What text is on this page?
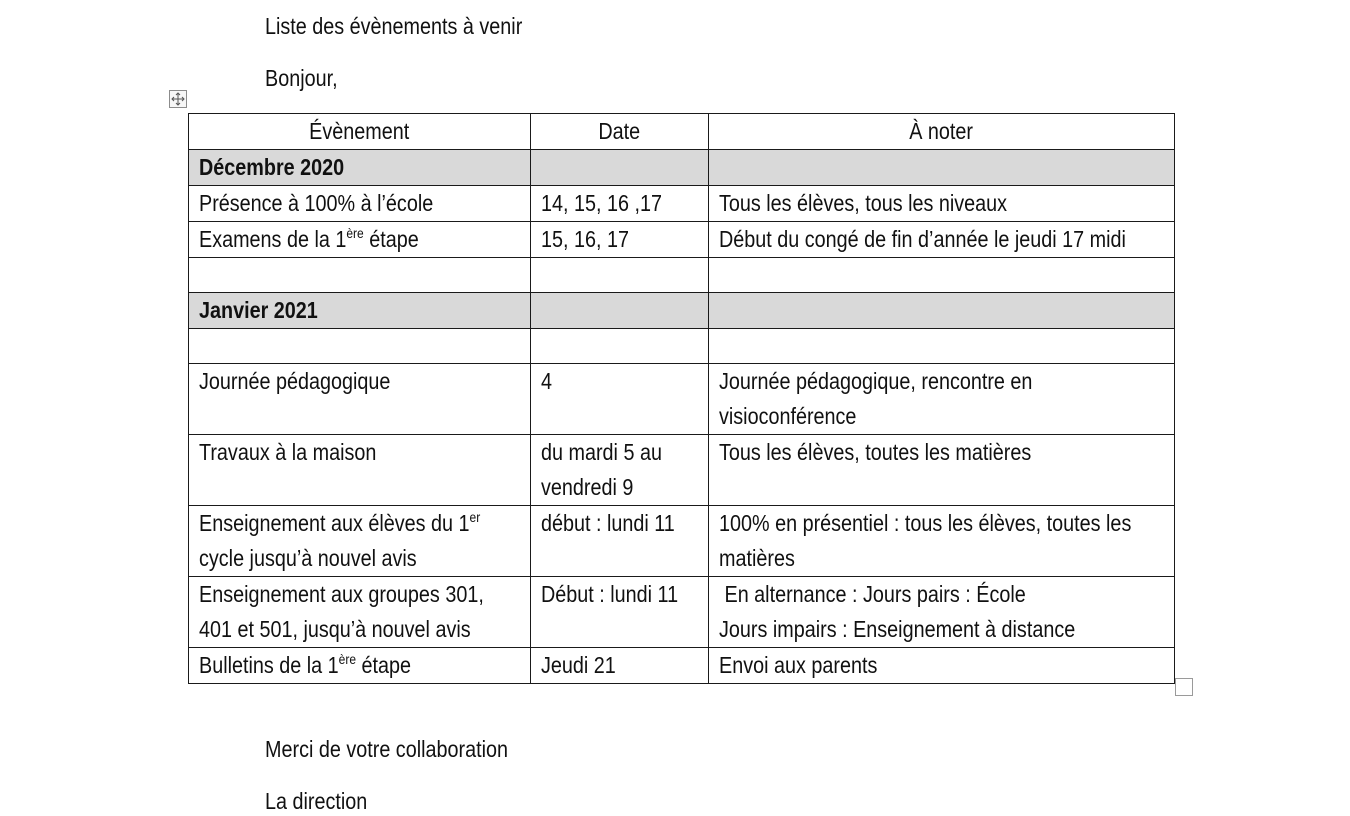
Liste des évènements à venir
Bonjour,
Évènement	Date	À noter
Décembre 2020		
Présence à 100% à l’école	14, 15, 16 ,17	Tous les élèves, tous les niveaux
Examens de la 1ère étape	15, 16, 17	Début du congé de fin d’année le jeudi 17 midi

Janvier 2021		

Journée pédagogique	4	Journée pédagogique, rencontre en
visioconférence

Travaux à la maison	du mardi 5 au
vendredi 9	Tous les élèves, toutes les matières

Enseignement aux élèves du 1er
cycle jusqu’à nouvel avis	début : lundi 11	100% en présentiel : tous les élèves, toutes les
matières

Enseignement aux groupes 301,
401 et 501, jusqu’à nouvel avis	Début : lundi 11	En alternance : Jours pairs : École
Jours impairs : Enseignement à distance

Bulletins de la 1ère étape	Jeudi 21	Envoi aux parents
Merci de votre collaboration
La direction
